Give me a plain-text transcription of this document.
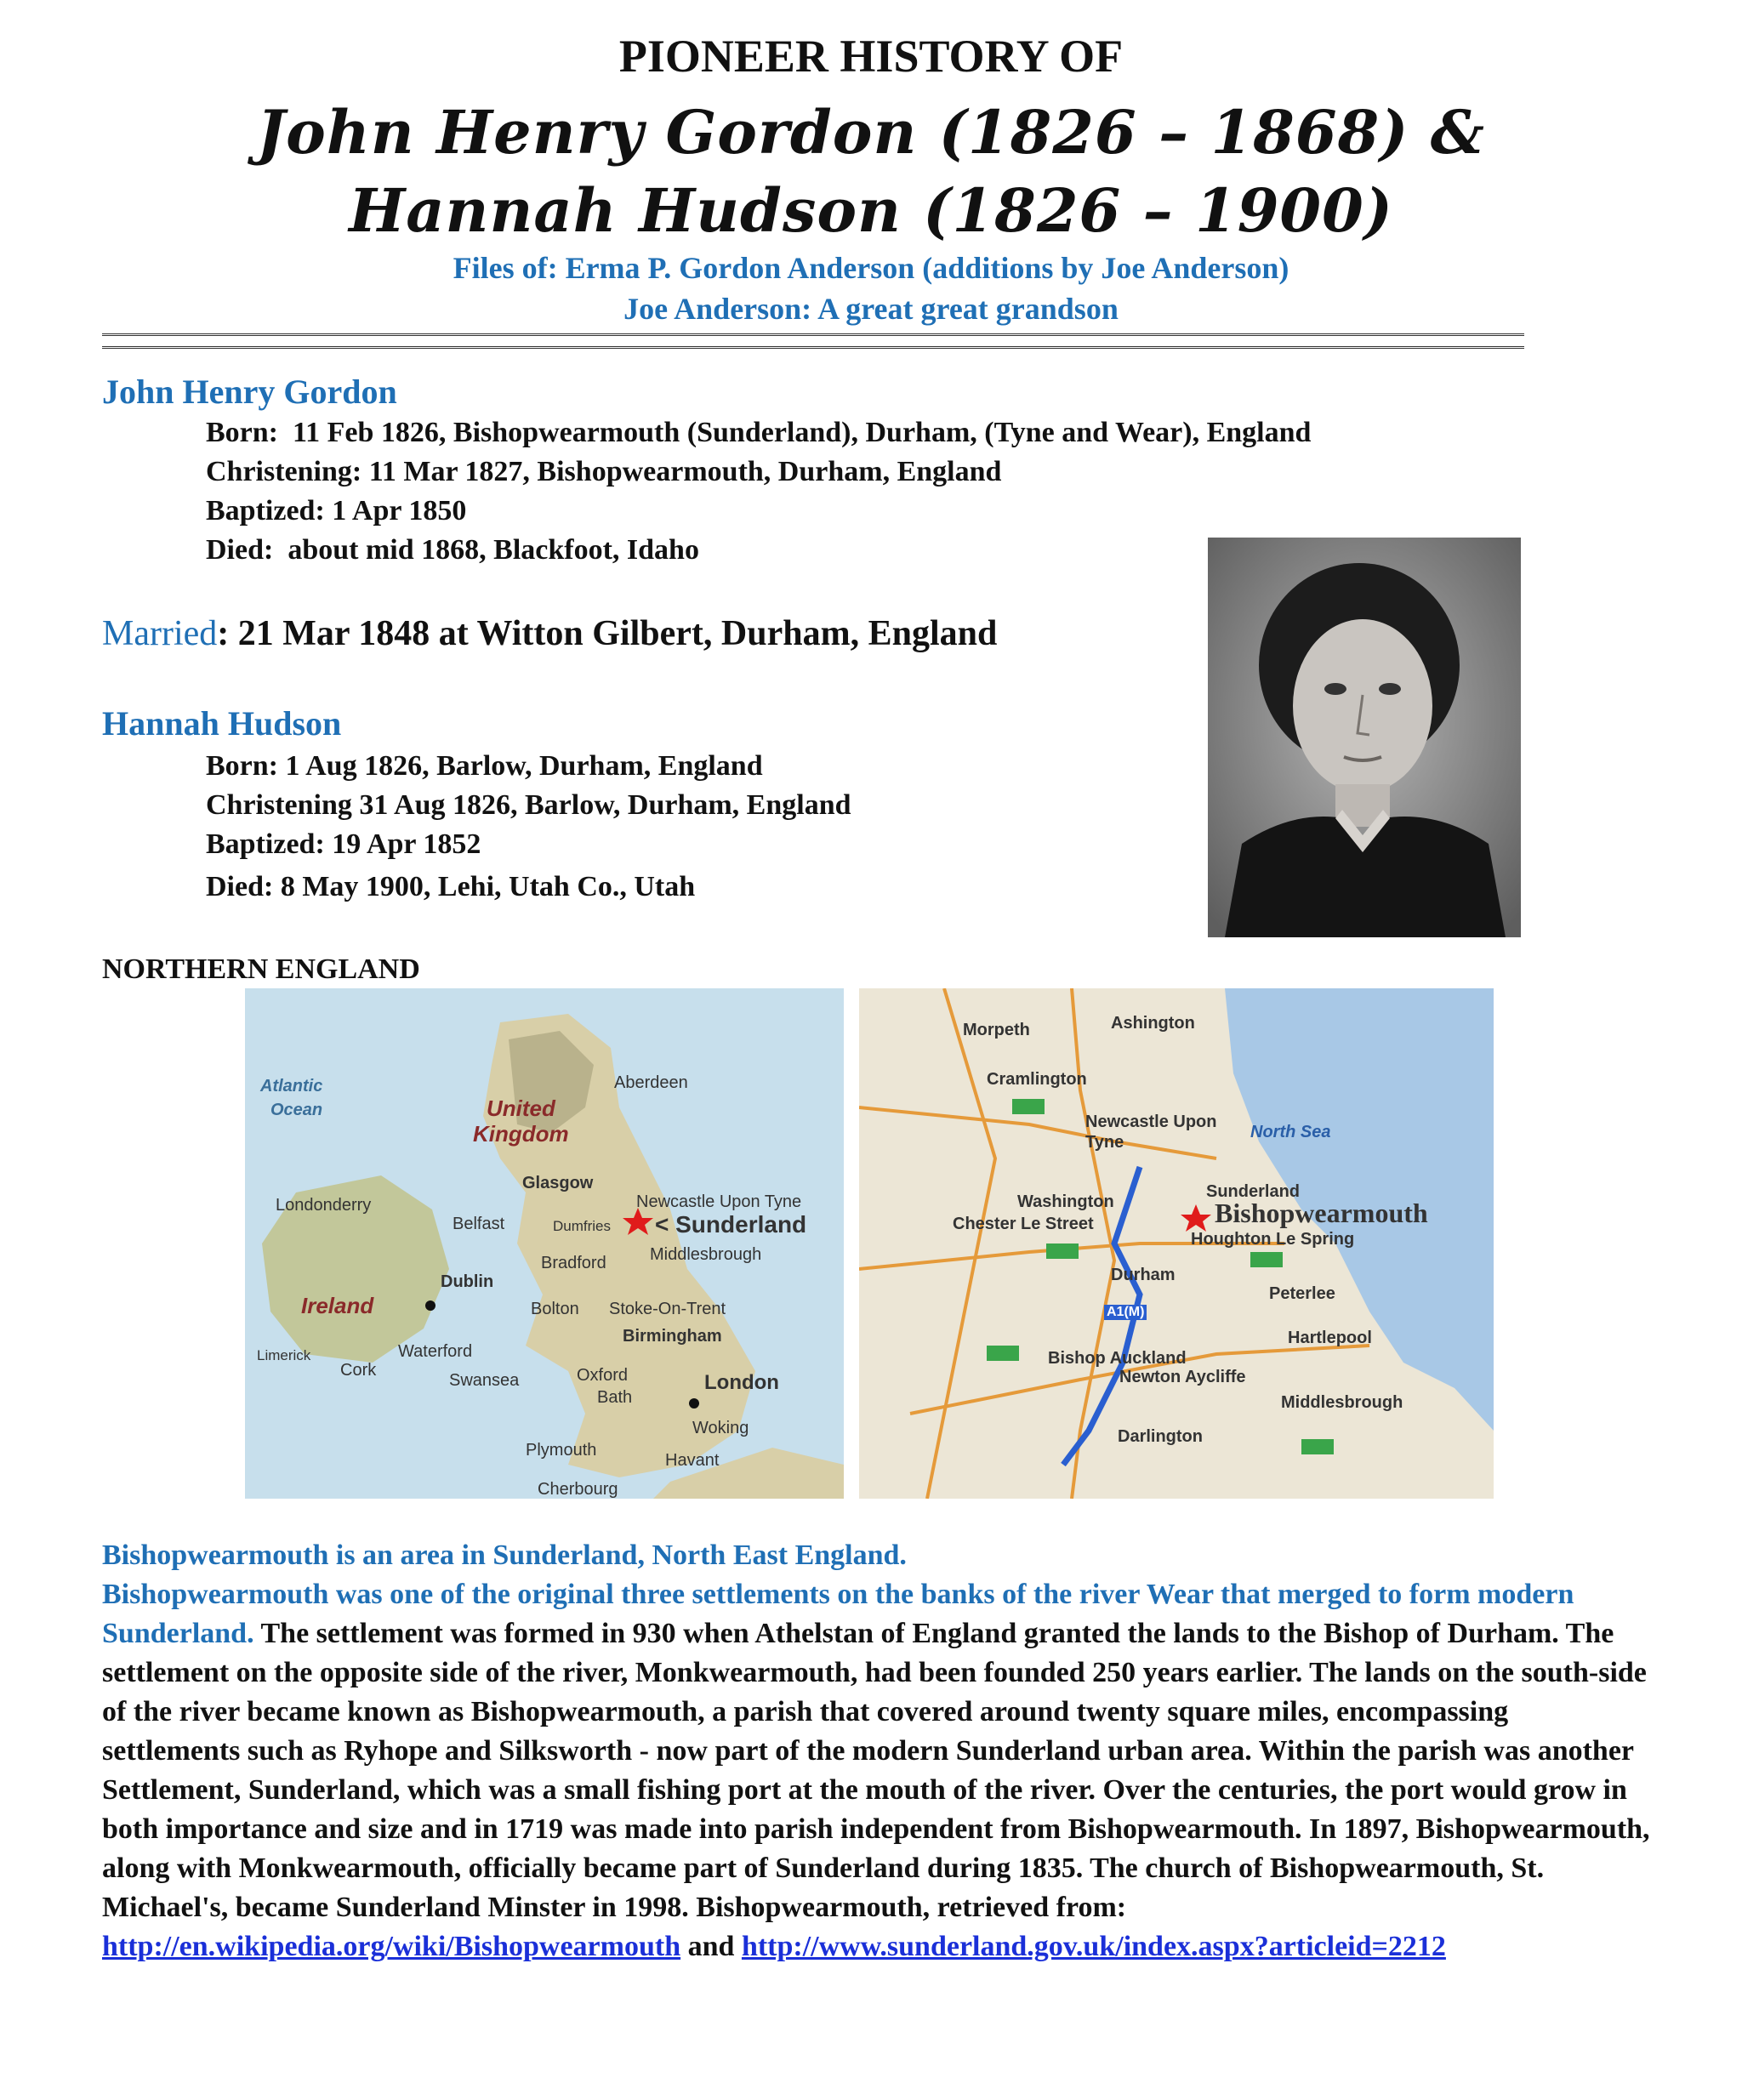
PIONEER HISTORY OF
John Henry Gordon (1826 – 1868) &
Hannah Hudson (1826 – 1900)
Files of: Erma P. Gordon Anderson (additions by Joe Anderson)
Joe Anderson: A great great grandson
John Henry Gordon
Born:  11 Feb 1826, Bishopwearmouth (Sunderland), Durham, (Tyne and Wear), England
Christening: 11 Mar 1827, Bishopwearmouth, Durham, England
Baptized: 1 Apr 1850
Died:  about mid 1868, Blackfoot, Idaho
Married: 21 Mar 1848 at Witton Gilbert, Durham, England
Hannah Hudson
Born: 1 Aug 1826, Barlow, Durham, England
Christening 31 Aug 1826, Barlow, Durham, England
Baptized: 19 Apr 1852
Died: 8 May 1900, Lehi, Utah Co., Utah
NORTHERN ENGLAND
Atlantic
Ocean	United
Kingdom
Aberdeen
Glasgow
Newcastle Upon Tyne
< Sunderland
Belfast	Dumfries
Londonderry
Dublin
Ireland
Bradford	Middlesbrough
Bolton Stoke-On-Trent
Birmingham
Limerick
Cork
Waterford
Swansea	Oxford
Bath
London
Woking
Plymouth
Havant
Cherbourg
Morpeth	Ashington
Cramlington
Newcastle Upon
Tyne
North Sea
Sunderland
Bishopwearmouth
Washington
Chester Le Street
Houghton Le Spring
Durham
Peterlee
Hartlepool
Bishop Auckland
Newton Aycliffe
Middlesbrough
Darlington
A1(M)

Bishopwearmouth is an area in Sunderland, North East England.

Bishopwearmouth was one of the original three settlements on the banks of the river Wear that merged to form modern Sunderland. The settlement was formed in 930 when Athelstan of England granted the lands to the Bishop of Durham. The settlement on the opposite side of the river, Monkwearmouth, had been founded 250 years earlier. The lands on the south-side of the river became known as Bishopwearmouth, a parish that covered around twenty square miles, encompassing settlements such as Ryhope and Silksworth - now part of the modern Sunderland urban area. Within the parish was another Settlement, Sunderland, which was a small fishing port at the mouth of the river. Over the centuries, the port would grow in both importance and size and in 1719 was made into parish independent from Bishopwearmouth. In 1897, Bishopwearmouth, along with Monkwearmouth, officially became part of Sunderland during 1835. The church of Bishopwearmouth, St. Michael's, became Sunderland Minster in 1998. Bishopwearmouth, retrieved from: http://en.wikipedia.org/wiki/Bishopwearmouth and http://www.sunderland.gov.uk/index.aspx?articleid=2212
